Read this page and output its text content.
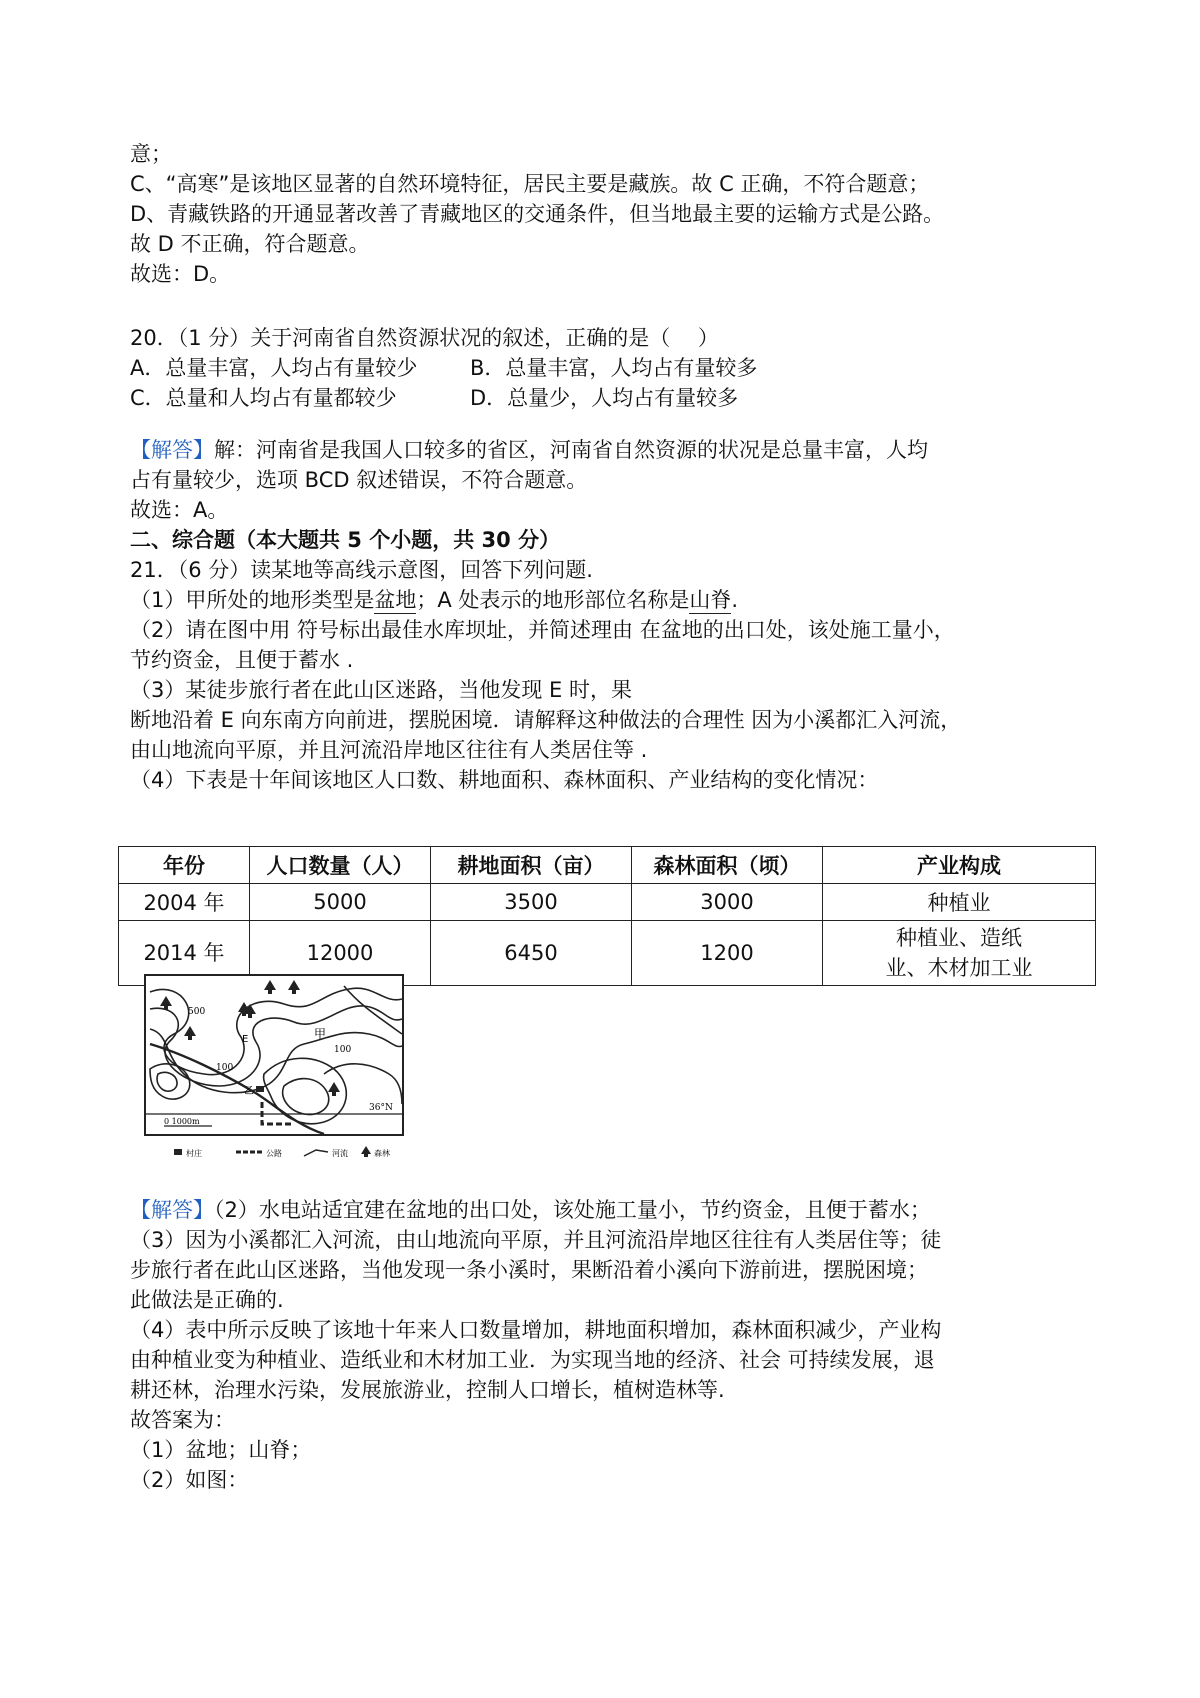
意；
C、“高寒”是该地区显著的自然环境特征，居民主要是藏族。故 C 正确，不符合题意；
D、青藏铁路的开通显著改善了青藏地区的交通条件，但当地最主要的运输方式是公路。
故 D 不正确，符合题意。
故选：D。
20．（1 分）关于河南省自然资源状况的叙述，正确的是（　 ）
A．总量丰富，人均占有量较少	B．总量丰富，人均占有量较多
C．总量和人均占有量都较少	D．总量少，人均占有量较多
【解答】解：河南省是我国人口较多的省区，河南省自然资源的状况是总量丰富，人均
占有量较少，选项 BCD 叙述错误，不符合题意。
故选：A。
二、综合题（本大题共 5 个小题，共 30 分）
21．（6 分）读某地等高线示意图，回答下列问题.
（1）甲所处的地形类型是盆地；A 处表示的地形部位名称是山脊.
（2）请在图中用 符号标出最佳水库坝址，并简述理由 在盆地的出口处，该处施工量小，
节约资金，且便于蓄水 .
（3）某徒步旅行者在此山区迷路，当他发现 E 时，果
断地沿着 E 向东南方向前进，摆脱困境．请解释这种做法的合理性 因为小溪都汇入河流，
由山地流向平原，并且河流沿岸地区往往有人类居住等 .
（4）下表是十年间该地区人口数、耕地面积、森林面积、产业结构的变化情况：
年份	人口数量（人）	耕地面积（亩）	森林面积（顷）	产业构成
2004 年	5000	3500	3000	种植业
2014 年	12000	6450	1200	种植业、造纸
业、木材加工业
500
100
100
甲
E
乙
36°N
0 1000m
村庄	公路	河流	森林
【解答】（2）水电站适宜建在盆地的出口处，该处施工量小，节约资金，且便于蓄水；
（3）因为小溪都汇入河流，由山地流向平原，并且河流沿岸地区往往有人类居住等；徒
步旅行者在此山区迷路，当他发现一条小溪时，果断沿着小溪向下游前进，摆脱困境；
此做法是正确的.
（4）表中所示反映了该地十年来人口数量增加，耕地面积增加，森林面积减少，产业构
由种植业变为种植业、造纸业和木材加工业．为实现当地的经济、社会 可持续发展，退
耕还林，治理水污染，发展旅游业，控制人口增长，植树造林等.
故答案为：
（1）盆地；山脊；
（2）如图：
